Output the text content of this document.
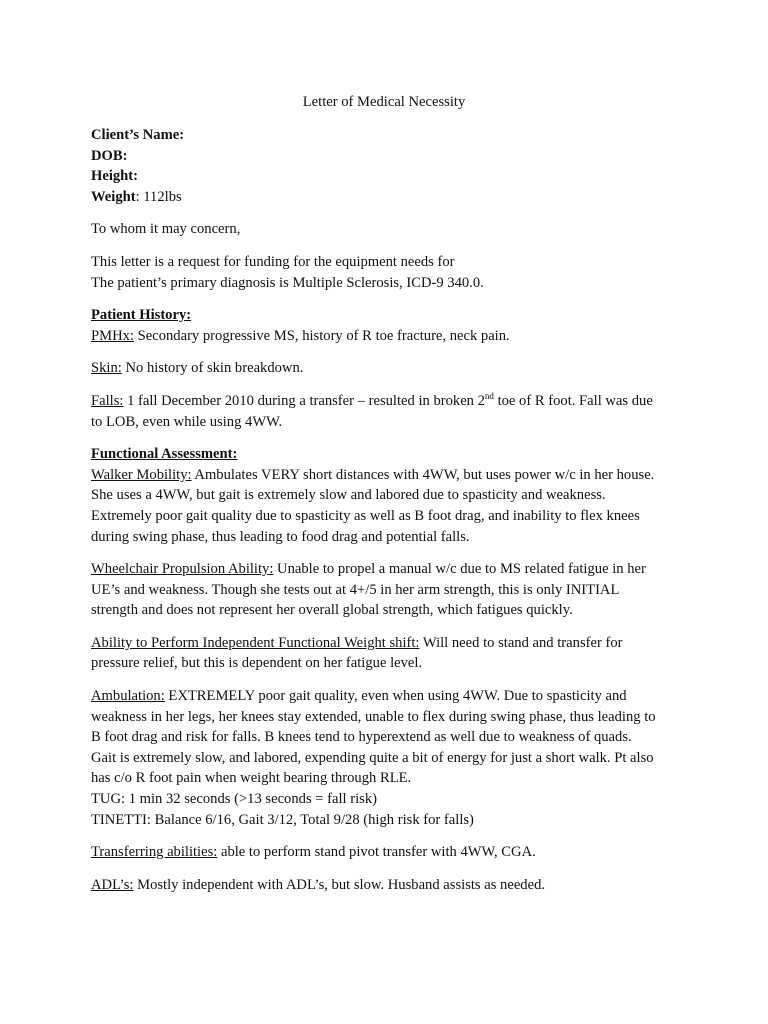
Letter of Medical Necessity
Client’s Name:
DOB:
Height:
Weight: 112lbs

To whom it may concern,

This letter is a request for funding for the equipment needs for
The patient’s primary diagnosis is Multiple Sclerosis, ICD-9 340.0.

Patient History:

PMHx: Secondary progressive MS, history of R toe fracture, neck pain.

Skin: No history of skin breakdown.

Falls: 1 fall December 2010 during a transfer – resulted in broken 2nd toe of R foot. Fall was due
to LOB, even while using 4WW.

Functional Assessment:

Walker Mobility: Ambulates VERY short distances with 4WW, but uses power w/c in her house.
She uses a 4WW, but gait is extremely slow and labored due to spasticity and weakness.
Extremely poor gait quality due to spasticity as well as B foot drag, and inability to flex knees
during swing phase, thus leading to food drag and potential falls.

Wheelchair Propulsion Ability: Unable to propel a manual w/c due to MS related fatigue in her
UE’s and weakness. Though she tests out at 4+/5 in her arm strength, this is only INITIAL
strength and does not represent her overall global strength, which fatigues quickly.

Ability to Perform Independent Functional Weight shift: Will need to stand and transfer for
pressure relief, but this is dependent on her fatigue level.

Ambulation: EXTREMELY poor gait quality, even when using 4WW. Due to spasticity and
weakness in her legs, her knees stay extended, unable to flex during swing phase, thus leading to
B foot drag and risk for falls. B knees tend to hyperextend as well due to weakness of quads.
Gait is extremely slow, and labored, expending quite a bit of energy for just a short walk. Pt also
has c/o R foot pain when weight bearing through RLE.
TUG: 1 min 32 seconds (>13 seconds = fall risk)
TINETTI: Balance 6/16, Gait 3/12, Total 9/28 (high risk for falls)

Transferring abilities: able to perform stand pivot transfer with 4WW, CGA.

ADL’s: Mostly independent with ADL’s, but slow. Husband assists as needed.
